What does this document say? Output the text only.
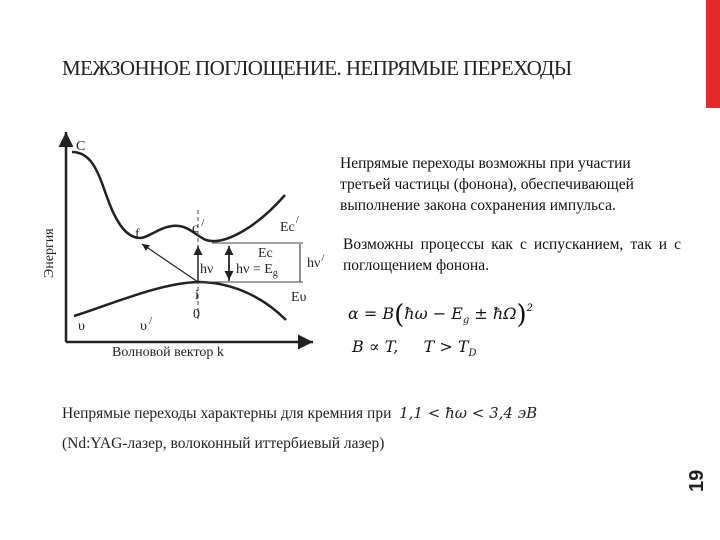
МЕЖЗОННОЕ ПОГЛОЩЕНИЕ. НЕПРЯМЫЕ ПЕРЕХОДЫ
C
c /
f
i
0
υ	υ /
Ec/
Ec
Eυ
hν $h\nu = E_g$
hν/
Энергия
Волновой вектор k
Непрямые переходы возможны при участии третьей частицы (фонона), обеспечивающей выполнение закона сохранения импульса.
Возможны процессы как с испусканием, так и с поглощением фонона.
α = B(ħω − $E_g$ ± ħΩ)$^2$
B ∝ T, $T > T_D$
Непрямые переходы характерны для кремния при 1,1 < ħω < 3,4 эВ
(Nd:YAG-лазер, волоконный иттербиевый лазер)
19
